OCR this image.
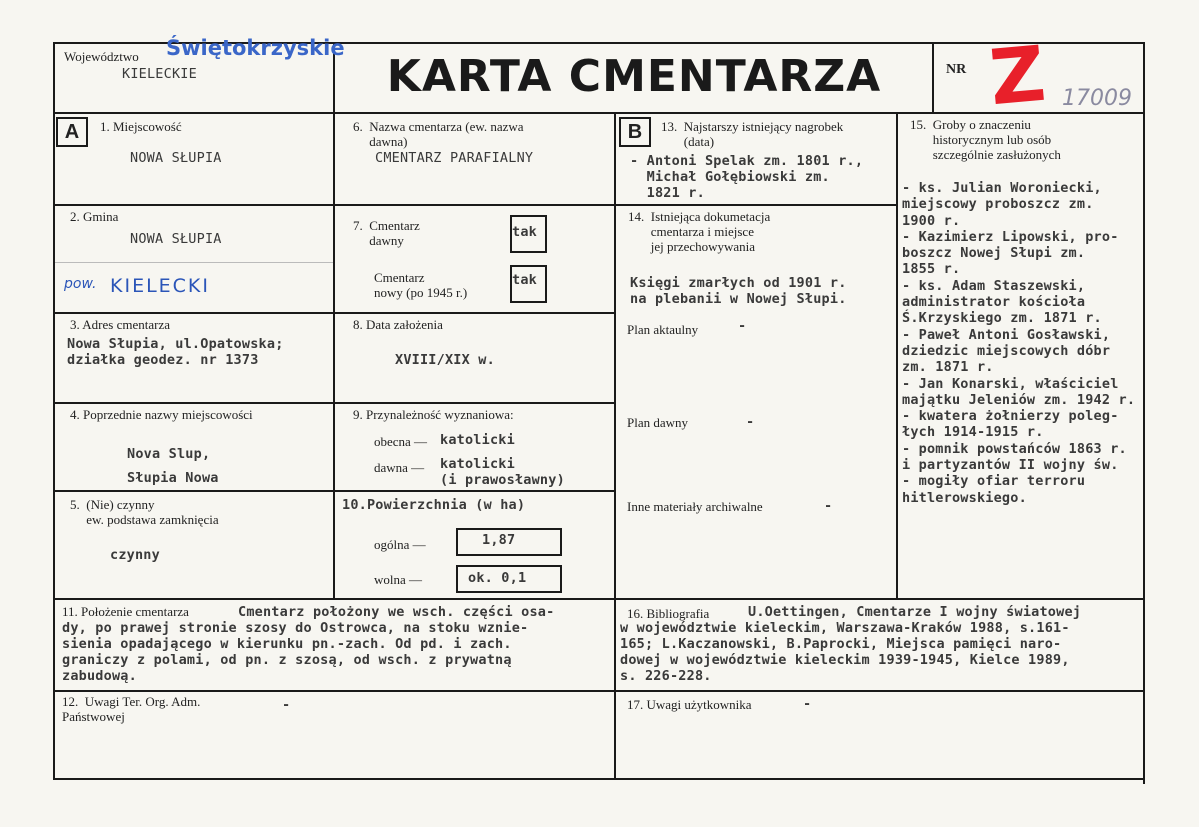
Województwo Świętokrzyskie
KIELECKIE	KARTA CMENTARZA	NR Z 17009
A	B
1. Miejscowość
NOWA SŁUPIA
2. Gmina
NOWA SŁUPIA
pow. KIELECKI
3. Adres cmentarza
Nowa Słupia, ul.Opatowska;
działka geodez. nr 1373
4. Poprzednie nazwy miejscowości
Nova Slup,
Słupia Nowa
5.  (Nie) czynny
ew. podstawa zamknięcia
czynny
6.  Nazwa cmentarza (ew. nazwa
dawna)
CMENTARZ PARAFIALNY
7.  Cmentarz
dawny
tak
Cmentarz
nowy (po 1945 r.)
tak
8. Data założenia
XVIII/XIX w.
9. Przynależność wyznaniowa:
obecna — katolicki
dawna — katolicki
(i prawosławny)
10.Powierzchnia (w ha)
ogólna —	1,87
wolna —	ok. 0,1
13.  Najstarszy istniejący nagrobek
(data)
- Antoni Spelak zm. 1801 r.,
Michał Gołębiowski zm.
1821 r.
14.  Istniejąca dokumetacja
cmentarza i miejsce
jej przechowywania
Księgi zmarłych od 1901 r.
na plebanii w Nowej Słupi.
Plan aktaulny	-
Plan dawny	-
Inne materiały archiwalne	-
15.  Groby o znaczeniu
historycznym lub osób
szczególnie zasłużonych
- ks. Julian Woroniecki,
miejscowy proboszcz zm.
1900 r.
- Kazimierz Lipowski, pro-
boszcz Nowej Słupi zm.
1855 r.
- ks. Adam Staszewski,
administrator kościoła
Ś.Krzyskiego zm. 1871 r.
- Paweł Antoni Gosławski,
dziedzic miejscowych dóbr
zm. 1871 r.
- Jan Konarski, właściciel
majątku Jeleniów zm. 1942 r.
- kwatera żołnierzy poleg-
łych 1914-1915 r.
- pomnik powstańców 1863 r.
i partyzantów II wojny św.
- mogiły ofiar terroru
hitlerowskiego.
11. Położenie cmentarza	Cmentarz położony we wsch. części osa-
dy, po prawej stronie szosy do Ostrowca, na stoku wznie-
sienia opadającego w kierunku pn.-zach. Od pd. i zach.
graniczy z polami, od pn. z szosą, od wsch. z prywatną
zabudową.
12.  Uwagi Ter. Org. Adm.
Państwowej
-
16. Bibliografia	U.Oettingen, Cmentarze I wojny światowej
w województwie kieleckim, Warszawa-Kraków 1988, s.161-
165; L.Kaczanowski, B.Paprocki, Miejsca pamięci naro-
dowej w województwie kieleckim 1939-1945, Kielce 1989,
s. 226-228.
17. Uwagi użytkownika	-
